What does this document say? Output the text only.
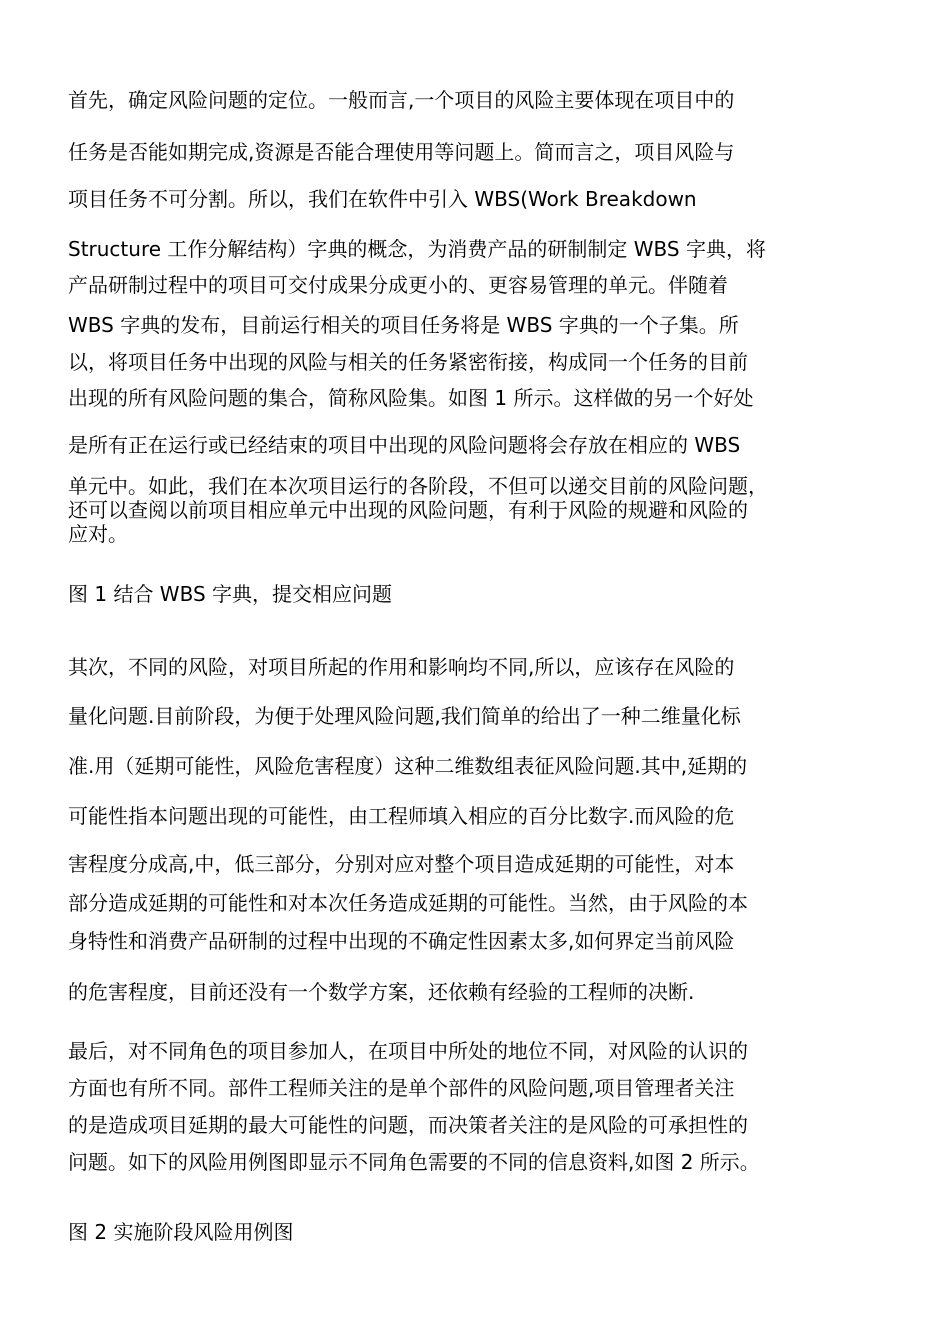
首先，确定风险问题的定位。一般而言,一个项目的风险主要体现在项目中的
任务是否能如期完成,资源是否能合理使用等问题上。简而言之，项目风险与
项目任务不可分割。所以，我们在软件中引入 WBS(Work Breakdown
Structure 工作分解结构）字典的概念，为消费产品的研制制定 WBS 字典，将
产品研制过程中的项目可交付成果分成更小的、更容易管理的单元。伴随着
WBS 字典的发布，目前运行相关的项目任务将是 WBS 字典的一个子集。所
以，将项目任务中出现的风险与相关的任务紧密衔接，构成同一个任务的目前
出现的所有风险问题的集合，简称风险集。如图 1 所示。这样做的另一个好处
是所有正在运行或已经结束的项目中出现的风险问题将会存放在相应的 WBS
单元中。如此，我们在本次项目运行的各阶段，不但可以递交目前的风险问题，
还可以查阅以前项目相应单元中出现的风险问题，有利于风险的规避和风险的
应对。
图 1 结合 WBS 字典，提交相应问题
其次，不同的风险，对项目所起的作用和影响均不同,所以，应该存在风险的
量化问题.目前阶段，为便于处理风险问题,我们简单的给出了一种二维量化标
准.用（延期可能性，风险危害程度）这种二维数组表征风险问题.其中,延期的
可能性指本问题出现的可能性，由工程师填入相应的百分比数字.而风险的危
害程度分成高,中，低三部分，分别对应对整个项目造成延期的可能性，对本
部分造成延期的可能性和对本次任务造成延期的可能性。当然，由于风险的本
身特性和消费产品研制的过程中出现的不确定性因素太多,如何界定当前风险
的危害程度，目前还没有一个数学方案，还依赖有经验的工程师的决断.
最后，对不同角色的项目参加人，在项目中所处的地位不同，对风险的认识的
方面也有所不同。部件工程师关注的是单个部件的风险问题,项目管理者关注
的是造成项目延期的最大可能性的问题，而决策者关注的是风险的可承担性的
问题。如下的风险用例图即显示不同角色需要的不同的信息资料,如图 2 所示。
图 2 实施阶段风险用例图
